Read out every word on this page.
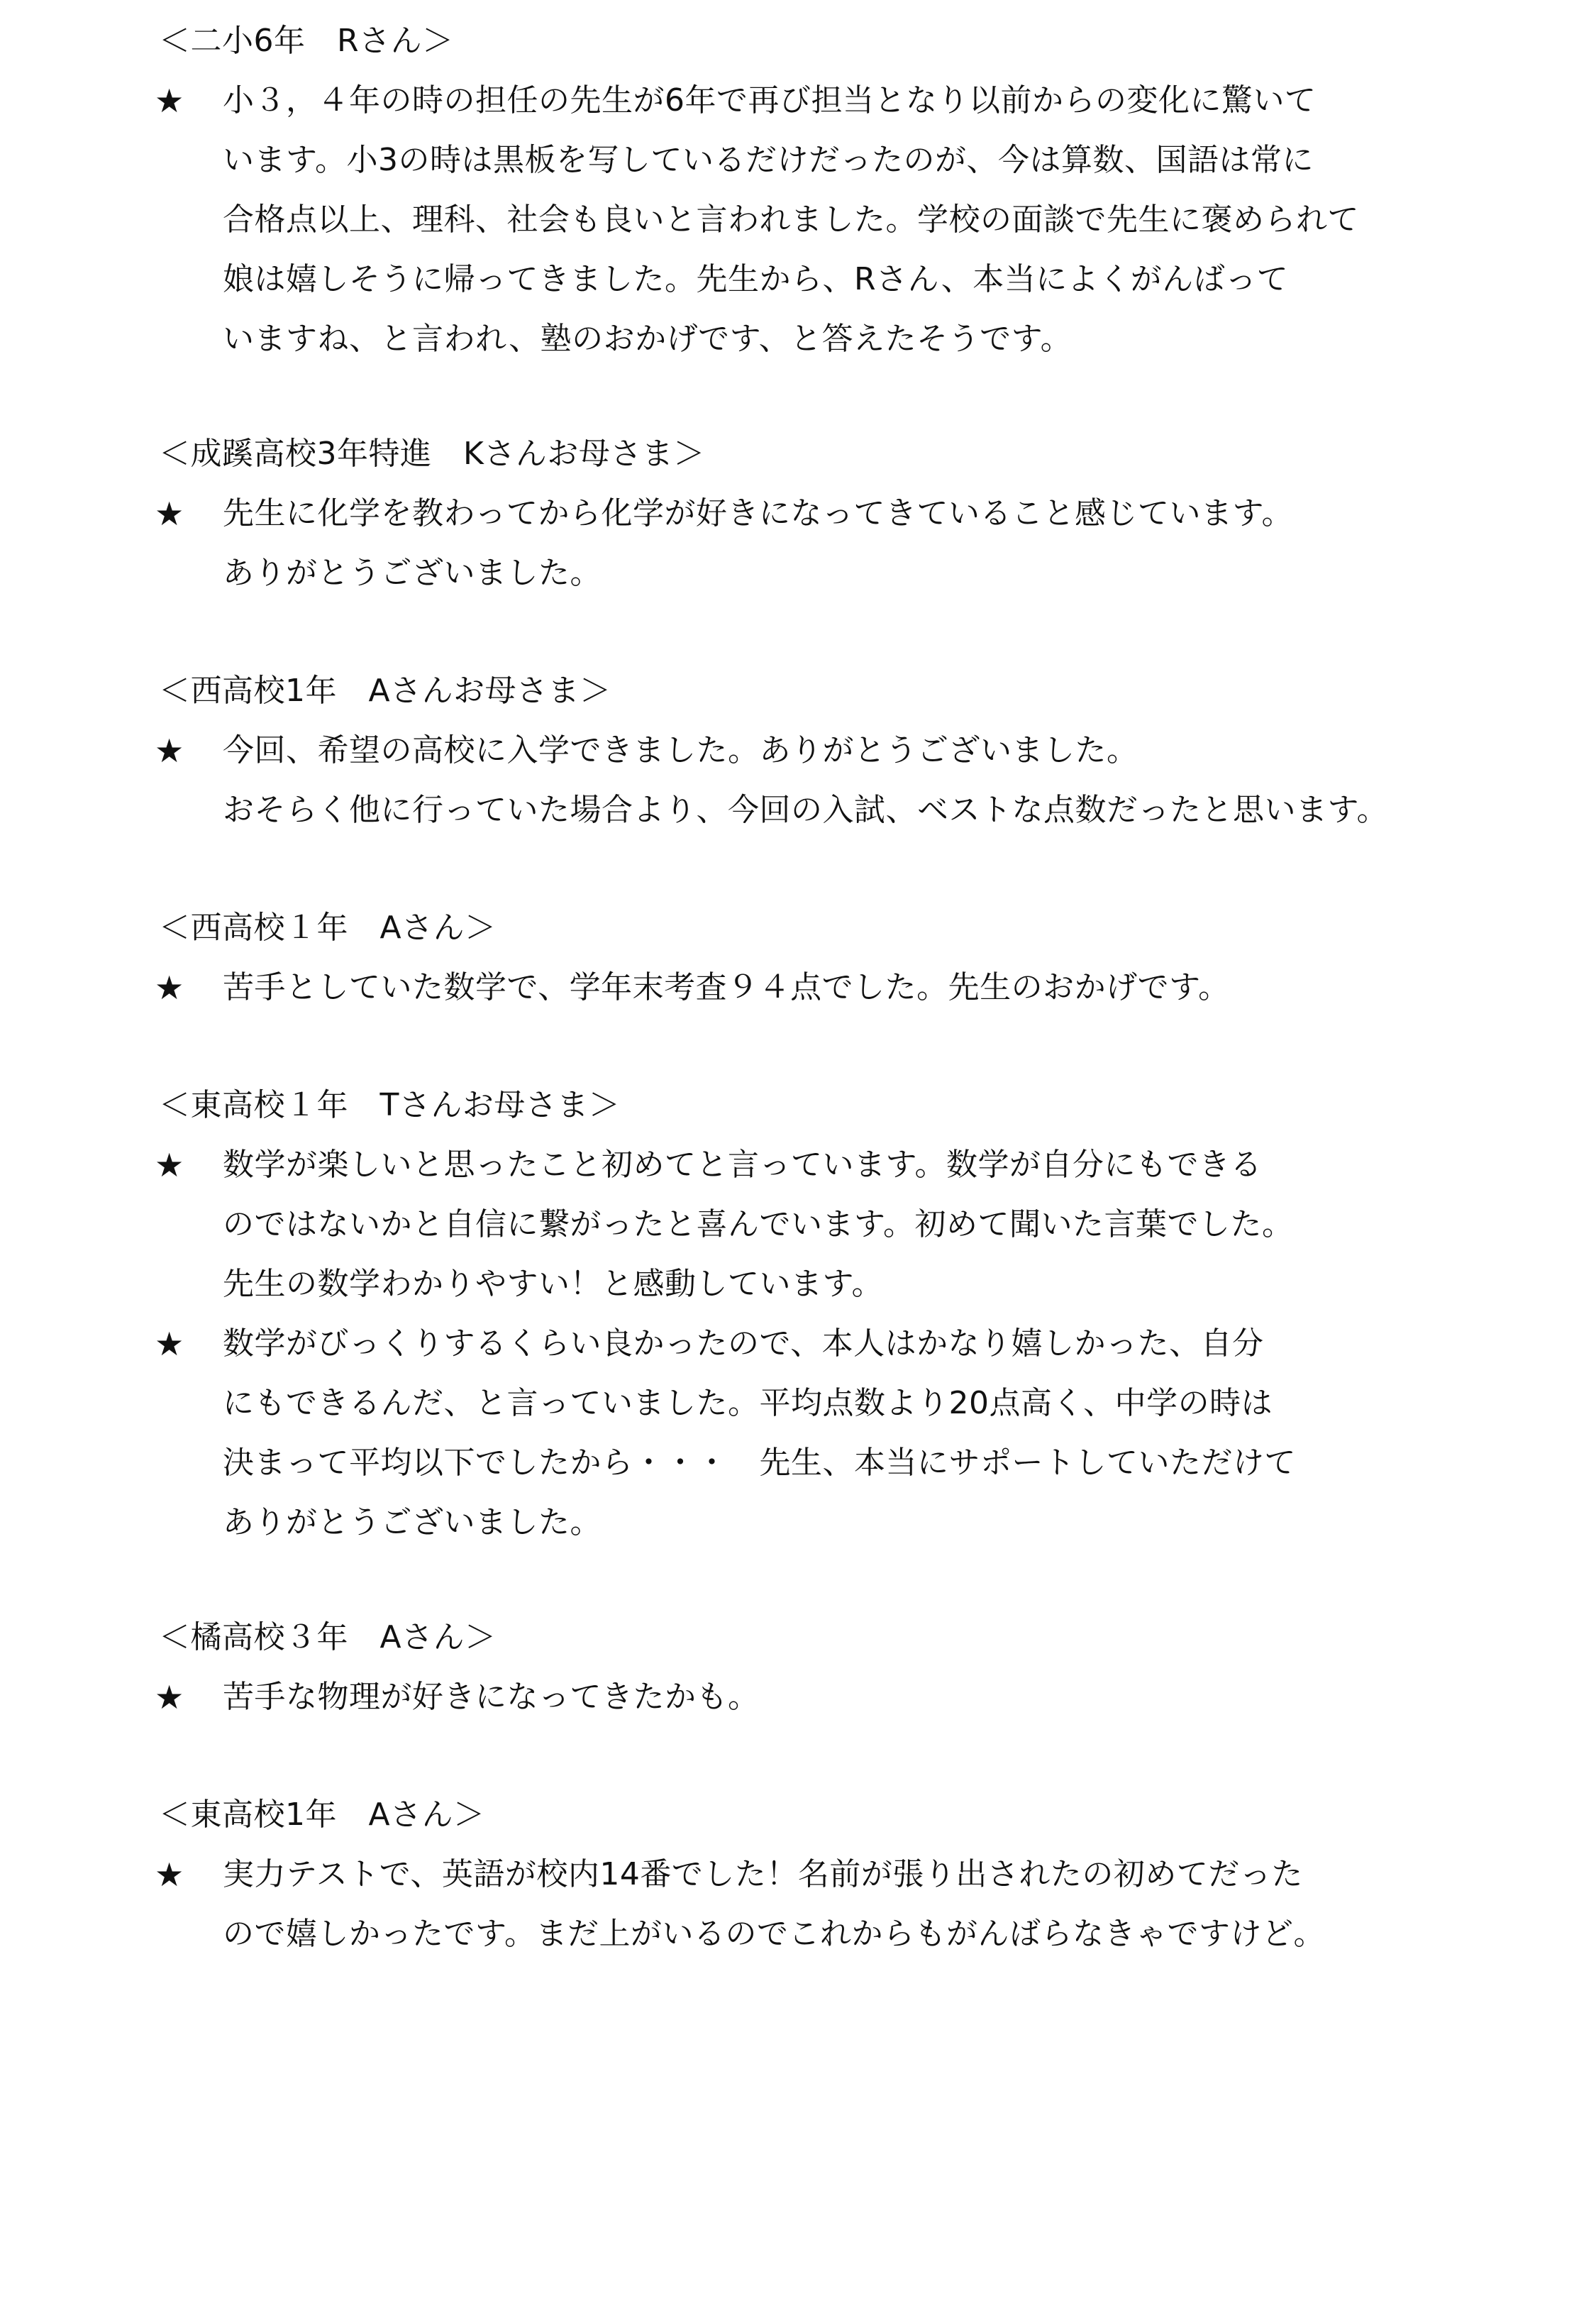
＜二小6年　Rさん＞
★ 小３，４年の時の担任の先生が6年で再び担当となり以前からの変化に驚いて
います。小3の時は黒板を写しているだけだったのが、今は算数、国語は常に
合格点以上、理科、社会も良いと言われました。学校の面談で先生に褒められて
娘は嬉しそうに帰ってきました。先生から、Rさん、本当によくがんばって
いますね、と言われ、塾のおかげです、と答えたそうです。
＜成蹊高校3年特進　Kさんお母さま＞
★ 先生に化学を教わってから化学が好きになってきていること感じています。
ありがとうございました。
＜西高校1年　Aさんお母さま＞
★ 今回、希望の高校に入学できました。ありがとうございました。
おそらく他に行っていた場合より、今回の入試、ベストな点数だったと思います。
＜西高校１年　Aさん＞
★ 苦手としていた数学で、学年末考査９４点でした。先生のおかげです。
＜東高校１年　Tさんお母さま＞
★ 数学が楽しいと思ったこと初めてと言っています。数学が自分にもできる
のではないかと自信に繋がったと喜んでいます。初めて聞いた言葉でした。
先生の数学わかりやすい！と感動しています。
★ 数学がびっくりするくらい良かったので、本人はかなり嬉しかった、自分
にもできるんだ、と言っていました。平均点数より20点高く、中学の時は
決まって平均以下でしたから・・・　先生、本当にサポートしていただけて
ありがとうございました。
＜橘高校３年　Aさん＞
★ 苦手な物理が好きになってきたかも。
＜東高校1年　Aさん＞
★ 実力テストで、英語が校内14番でした！名前が張り出されたの初めてだった
ので嬉しかったです。まだ上がいるのでこれからもがんばらなきゃですけど。
